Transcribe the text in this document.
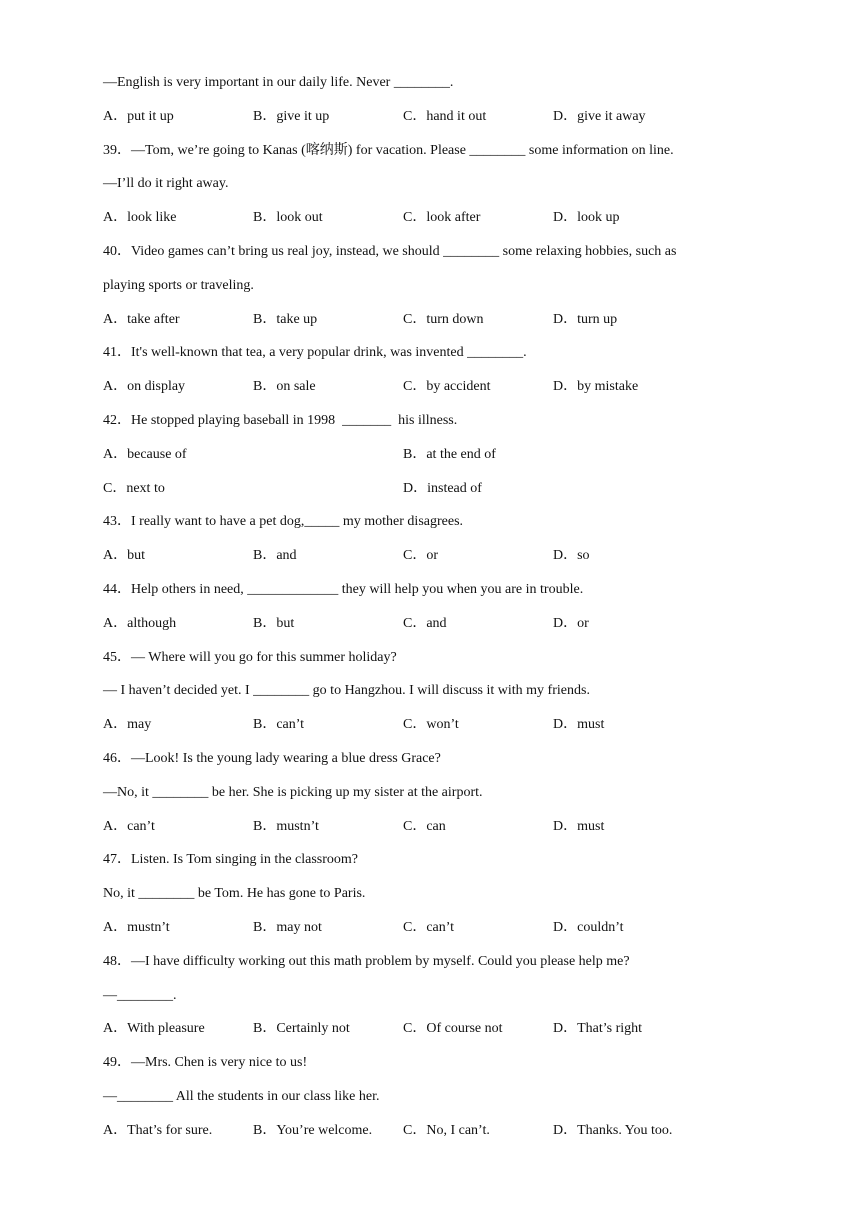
—English is very important in our daily life. Never ________.

A．put it up	B．give it up	C．hand it out	D．give it away

39．—Tom, we’re going to Kanas (喀纳斯) for vacation. Please ________ some information on line.

—I’ll do it right away.

A．look like	B．look out	C．look after	D．look up

40．Video games can’t bring us real joy, instead, we should ________ some relaxing hobbies, such as

playing sports or traveling.

A．take after	B．take up	C．turn down	D．turn up

41．It's well-known that tea, a very popular drink, was invented ________.

A．on display	B．on sale	C．by accident	D．by mistake

42．He stopped playing baseball in 1998  _______  his illness.

A．because of	B．at the end of
C．next to	D．instead of

43．I really want to have a pet dog,_____ my mother disagrees.

A．but	B．and	C．or	D．so

44．Help others in need, _____________ they will help you when you are in trouble.

A．although	B．but	C．and	D．or

45．— Where will you go for this summer holiday?

— I haven’t decided yet. I ________ go to Hangzhou. I will discuss it with my friends.

A．may	B．can’t	C．won’t	D．must

46．—Look! Is the young lady wearing a blue dress Grace?

—No, it ________ be her. She is picking up my sister at the airport.

A．can’t	B．mustn’t	C．can	D．must

47．Listen. Is Tom singing in the classroom?

No, it ________ be Tom. He has gone to Paris.

A．mustn’t	B．may not	C．can’t	D．couldn’t

48．—I have difficulty working out this math problem by myself. Could you please help me?

—________.

A．With pleasure	B．Certainly not	C．Of course not	D．That’s right

49．—Mrs. Chen is very nice to us!

—________ All the students in our class like her.

A．That’s for sure.	B．You’re welcome. C．No, I can’t.	D．Thanks. You too.
